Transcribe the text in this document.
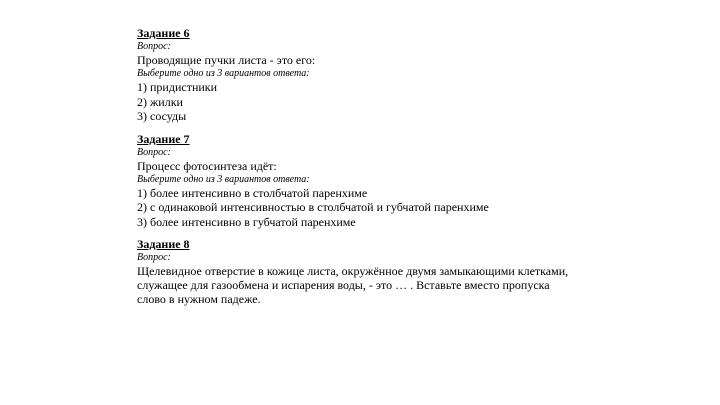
Задание 6

Вопрос:

Проводящие пучки листа - это его:

Выберите одно из 3 вариантов ответа:

1) придистники

2) жилки

3) сосуды

Задание 7

Вопрос:

Процесс фотосинтеза идёт:

Выберите одно из 3 вариантов ответа:

1) более интенсивно в столбчатой паренхиме

2) с одинаковой интенсивностью в столбчатой и губчатой паренхиме

3) более интенсивно в губчатой паренхиме

Задание 8

Вопрос:

Щелевидное отверстие в кожице листа, окружённое двумя замыкающими клетками, служащее для газообмена и испарения воды, - это … . Вставьте вместо пропуска слово в нужном падеже.
